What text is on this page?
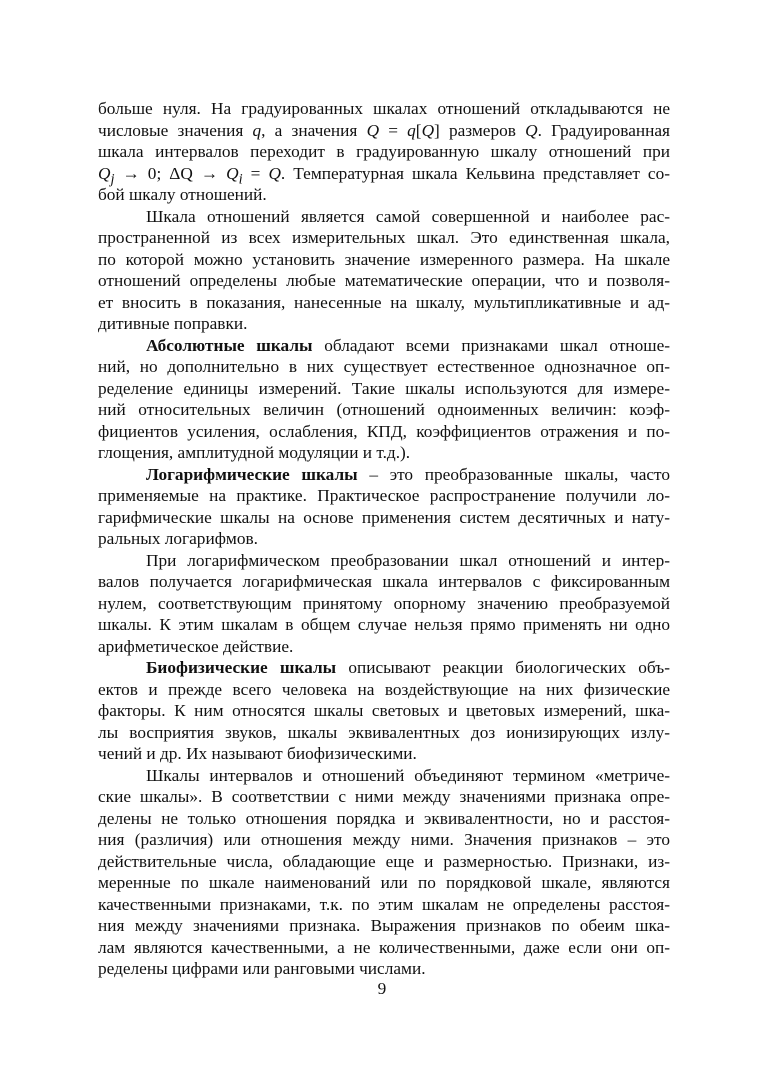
больше нуля. На градуированных шкалах отношений откладываются не
числовые значения q, а значения Q = q[Q] размеров Q. Градуированная
шкала интервалов переходит в градуированную шкалу отношений при
$Q_j \to 0$; $\Delta Q \to Q_i = Q$. Температурная шкала Кельвина представляет со-
бой шкалу отношений.
Шкала отношений является самой совершенной и наиболее рас-
пространенной из всех измерительных шкал. Это единственная шкала,
по которой можно установить значение измеренного размера. На шкале
отношений определены любые математические операции, что и позволя-
ет вносить в показания, нанесенные на шкалу, мультипликативные и ад-
дитивные поправки.
Абсолютные шкалы обладают всеми признаками шкал отноше-
ний, но дополнительно в них существует естественное однозначное оп-
ределение единицы измерений. Такие шкалы используются для измере-
ний относительных величин (отношений одноименных величин: коэф-
фициентов усиления, ослабления, КПД, коэффициентов отражения и по-
глощения, амплитудной модуляции и т.д.).
Логарифмические шкалы – это преобразованные шкалы, часто
применяемые на практике. Практическое распространение получили ло-
гарифмические шкалы на основе применения систем десятичных и нату-
ральных логарифмов.
При логарифмическом преобразовании шкал отношений и интер-
валов получается логарифмическая шкала интервалов с фиксированным
нулем, соответствующим принятому опорному значению преобразуемой
шкалы. К этим шкалам в общем случае нельзя прямо применять ни одно
арифметическое действие.
Биофизические шкалы описывают реакции биологических объ-
ектов и прежде всего человека на воздействующие на них физические
факторы. К ним относятся шкалы световых и цветовых измерений, шка-
лы восприятия звуков, шкалы эквивалентных доз ионизирующих излу-
чений и др. Их называют биофизическими.
Шкалы интервалов и отношений объединяют термином «метриче-
ские шкалы». В соответствии с ними между значениями признака опре-
делены не только отношения порядка и эквивалентности, но и расстоя-
ния (различия) или отношения между ними. Значения признаков – это
действительные числа, обладающие еще и размерностью. Признаки, из-
меренные по шкале наименований или по порядковой шкале, являются
качественными признаками, т.к. по этим шкалам не определены расстоя-
ния между значениями признака. Выражения признаков по обеим шка-
лам являются качественными, а не количественными, даже если они оп-
ределены цифрами или ранговыми числами.
9
